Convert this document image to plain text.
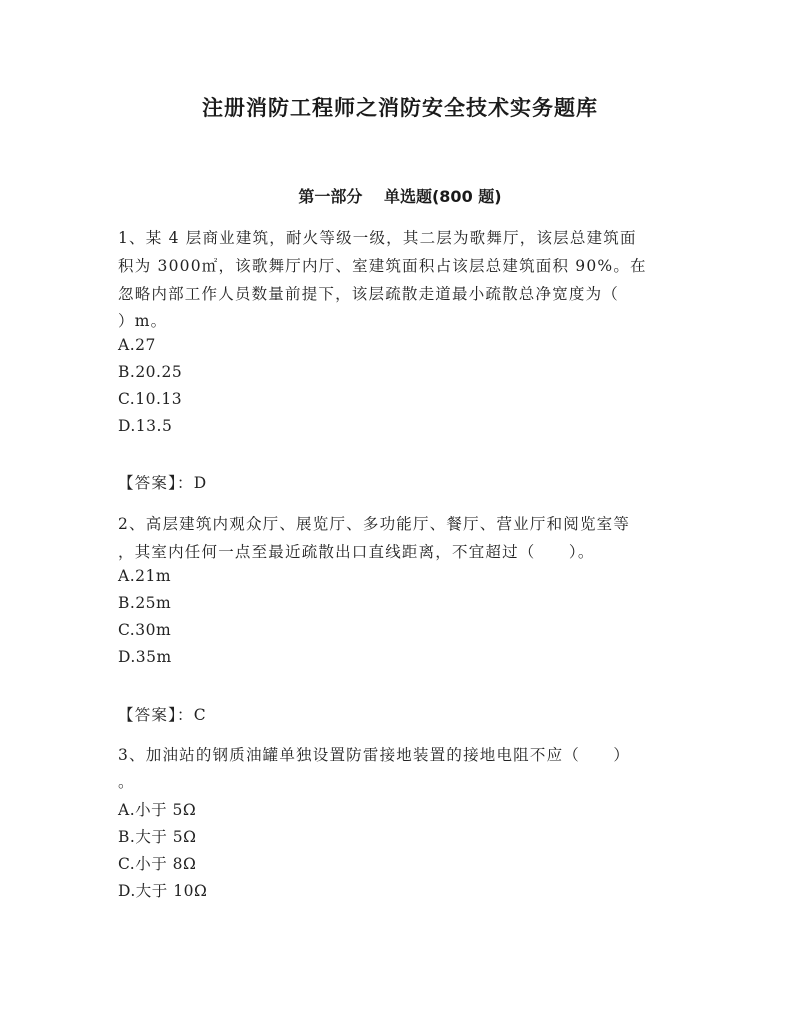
注册消防工程师之消防安全技术实务题库
第一部分 单选题(800 题)
1、某 4 层商业建筑，耐火等级一级，其二层为歌舞厅，该层总建筑面
积为 3000㎡，该歌舞厅内厅、室建筑面积占该层总建筑面积 90%。在
忽略内部工作人员数量前提下，该层疏散走道最小疏散总净宽度为（
）m。
A.27
B.20.25
C.10.13
D.13.5
【答案】：D
2、高层建筑内观众厅、展览厅、多功能厅、餐厅、营业厅和阅览室等
，其室内任何一点至最近疏散出口直线距离，不宜超过（　　）。
A.21m
B.25m
C.30m
D.35m
【答案】：C
3、加油站的钢质油罐单独设置防雷接地装置的接地电阻不应（　　）
。
A.小于 5Ω
B.大于 5Ω
C.小于 8Ω
D.大于 10Ω
